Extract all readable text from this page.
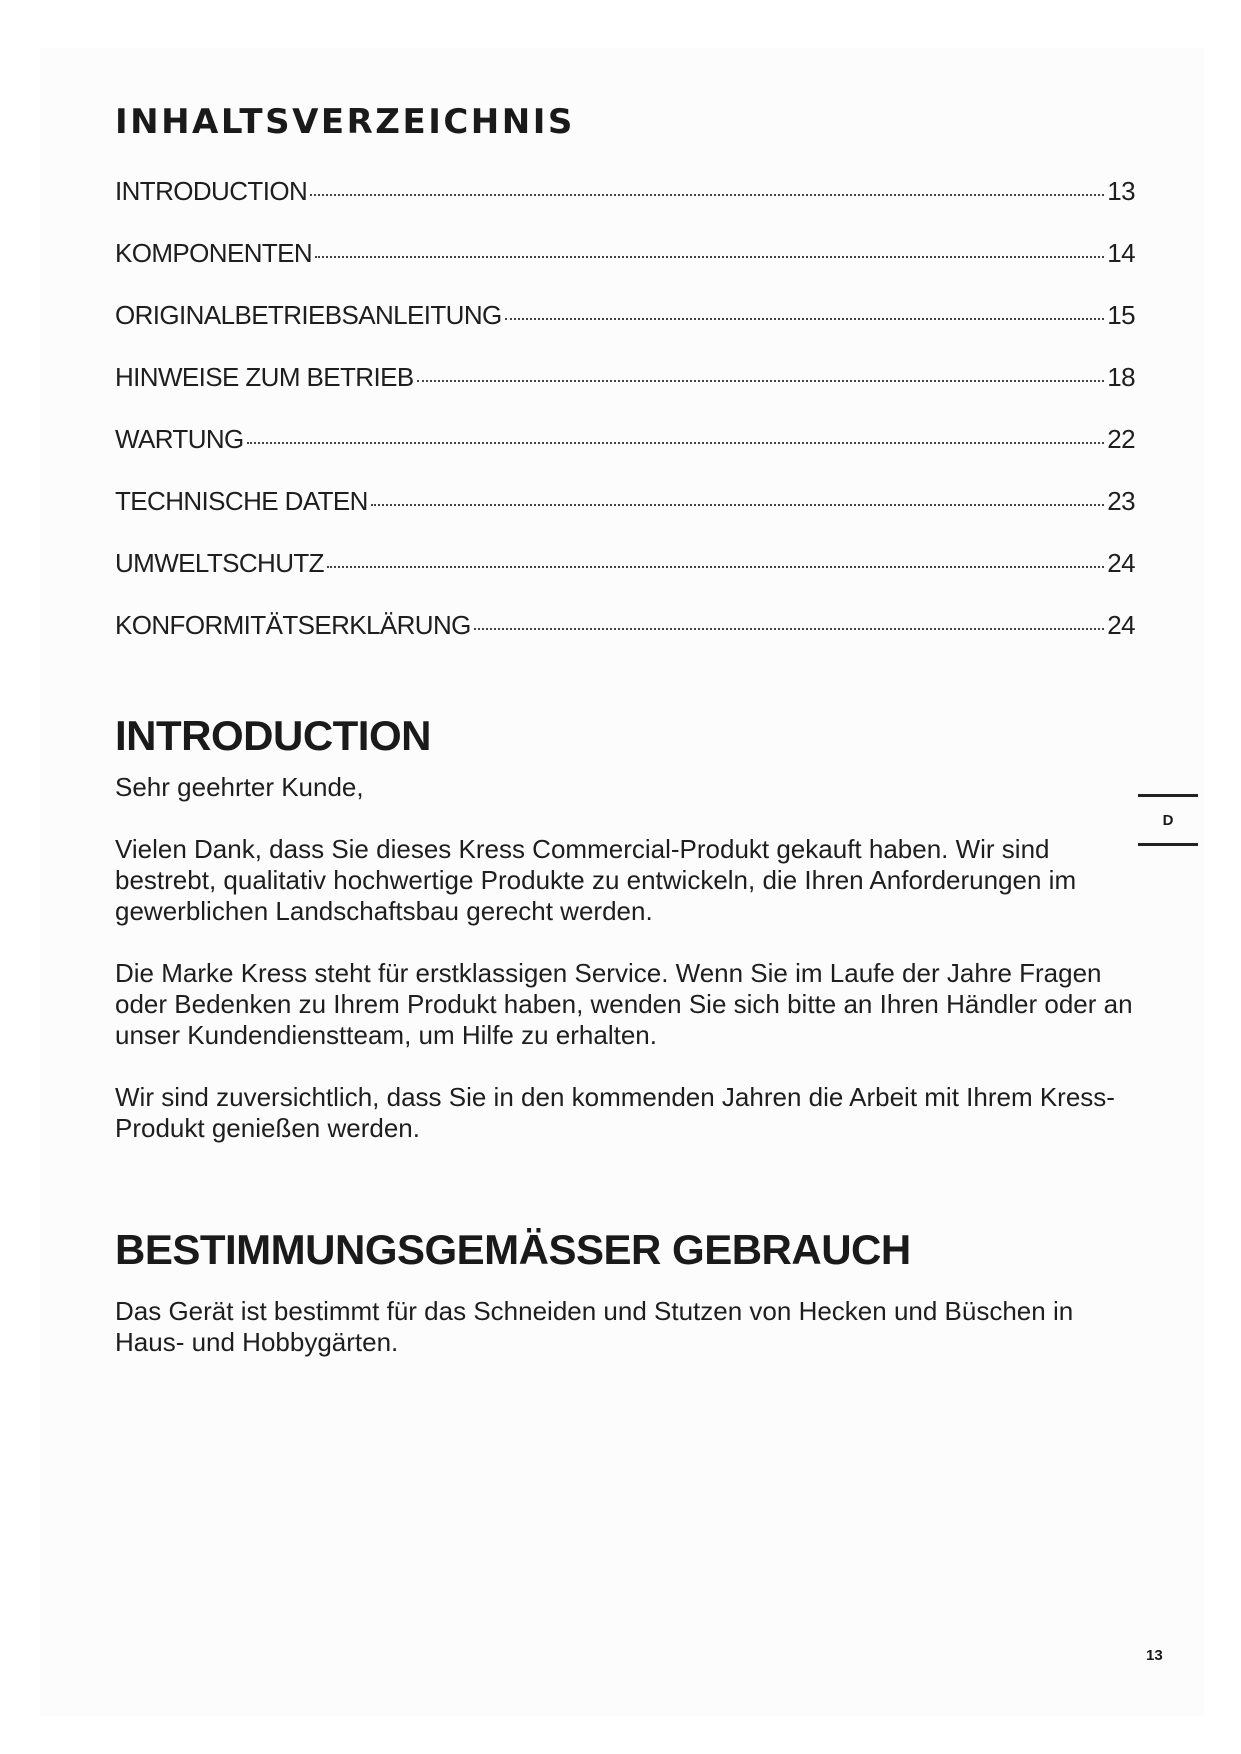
INHALTSVERZEICHNIS
INTRODUCTION	13
KOMPONENTEN	14
ORIGINALBETRIEBSANLEITUNG	15
HINWEISE ZUM BETRIEB	18
WARTUNG	22
TECHNISCHE DATEN	23
UMWELTSCHUTZ	24
KONFORMITÄTSERKLÄRUNG	24
INTRODUCTION

Sehr geehrter Kunde,

Vielen Dank, dass Sie dieses Kress Commercial-Produkt gekauft haben. Wir sind bestrebt, qualitativ hochwertige Produkte zu entwickeln, die Ihren Anforderungen im gewerblichen Landschaftsbau gerecht werden.

Die Marke Kress steht für erstklassigen Service. Wenn Sie im Laufe der Jahre Fragen oder Bedenken zu Ihrem Produkt haben, wenden Sie sich bitte an Ihren Händler oder an unser Kundendienstteam, um Hilfe zu erhalten.

Wir sind zuversichtlich, dass Sie in den kommenden Jahren die Arbeit mit Ihrem Kress-Produkt genießen werden.

BESTIMMUNGSGEMÄSSER GEBRAUCH

Das Gerät ist bestimmt für das Schneiden und Stutzen von Hecken und Büschen in Haus- und Hobbygärten.

D
13
